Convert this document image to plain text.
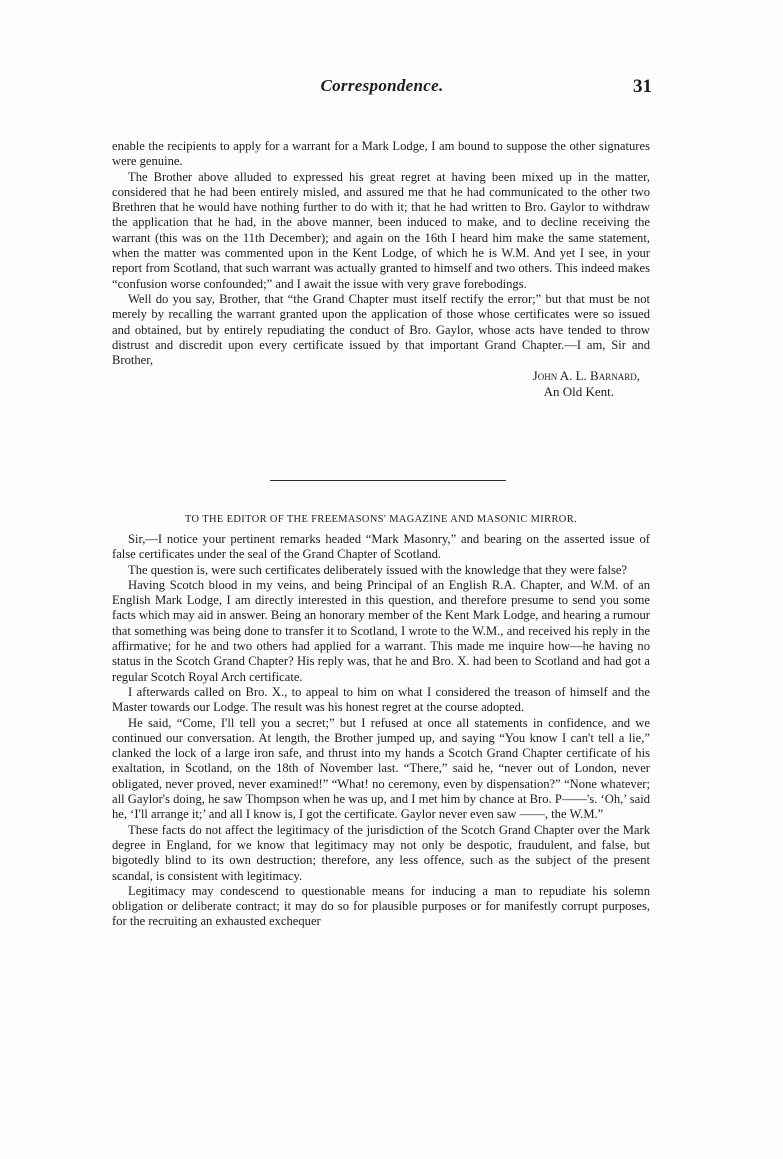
Correspondence.	31

enable the recipients to apply for a warrant for a Mark Lodge, I am bound to suppose the other signatures were genuine.

The Brother above alluded to expressed his great regret at having been mixed up in the matter, considered that he had been entirely misled, and assured me that he had communicated to the other two Brethren that he would have nothing further to do with it; that he had written to Bro. Gaylor to withdraw the application that he had, in the above manner, been induced to make, and to decline receiving the warrant (this was on the 11th December); and again on the 16th I heard him make the same statement, when the matter was commented upon in the Kent Lodge, of which he is W.M. And yet I see, in your report from Scotland, that such warrant was actually granted to himself and two others. This indeed makes “confusion worse confounded;” and I await the issue with very grave forebodings.

Well do you say, Brother, that “the Grand Chapter must itself rectify the error;” but that must be not merely by recalling the warrant granted upon the application of those whose certificates were so issued and obtained, but by entirely repudiating the conduct of Bro. Gaylor, whose acts have tended to throw distrust and discredit upon every certificate issued by that important Grand Chapter.—I am, Sir and Brother,

John A. L. Barnard,
An Old Kent.
TO THE EDITOR OF THE FREEMASONS' MAGAZINE AND MASONIC MIRROR.

Sir,—I notice your pertinent remarks headed “Mark Masonry,” and bearing on the asserted issue of false certificates under the seal of the Grand Chapter of Scotland.

The question is, were such certificates deliberately issued with the knowledge that they were false?

Having Scotch blood in my veins, and being Principal of an English R.A. Chapter, and W.M. of an English Mark Lodge, I am directly interested in this question, and therefore presume to send you some facts which may aid in answer. Being an honorary member of the Kent Mark Lodge, and hearing a rumour that something was being done to transfer it to Scotland, I wrote to the W.M., and received his reply in the affirmative; for he and two others had applied for a warrant. This made me inquire how—he having no status in the Scotch Grand Chapter? His reply was, that he and Bro. X. had been to Scotland and had got a regular Scotch Royal Arch certificate.

I afterwards called on Bro. X., to appeal to him on what I considered the treason of himself and the Master towards our Lodge. The result was his honest regret at the course adopted.

He said, “Come, I'll tell you a secret;” but I refused at once all statements in confidence, and we continued our conversation. At length, the Brother jumped up, and saying “You know I can't tell a lie,” clanked the lock of a large iron safe, and thrust into my hands a Scotch Grand Chapter certificate of his exaltation, in Scotland, on the 18th of November last. “There,” said he, “never out of London, never obligated, never proved, never examined!” “What! no ceremony, even by dispensation?” “None whatever; all Gaylor's doing, he saw Thompson when he was up, and I met him by chance at Bro. P——'s. ‘Oh,’ said he, ‘I'll arrange it;’ and all I know is, I got the certificate. Gaylor never even saw ——, the W.M.”

These facts do not affect the legitimacy of the jurisdiction of the Scotch Grand Chapter over the Mark degree in England, for we know that legitimacy may not only be despotic, fraudulent, and false, but bigotedly blind to its own destruction; therefore, any less offence, such as the subject of the present scandal, is consistent with legitimacy.

Legitimacy may condescend to questionable means for inducing a man to repudiate his solemn obligation or deliberate contract; it may do so for plausible purposes or for manifestly corrupt purposes, for the recruiting an exhausted exchequer
